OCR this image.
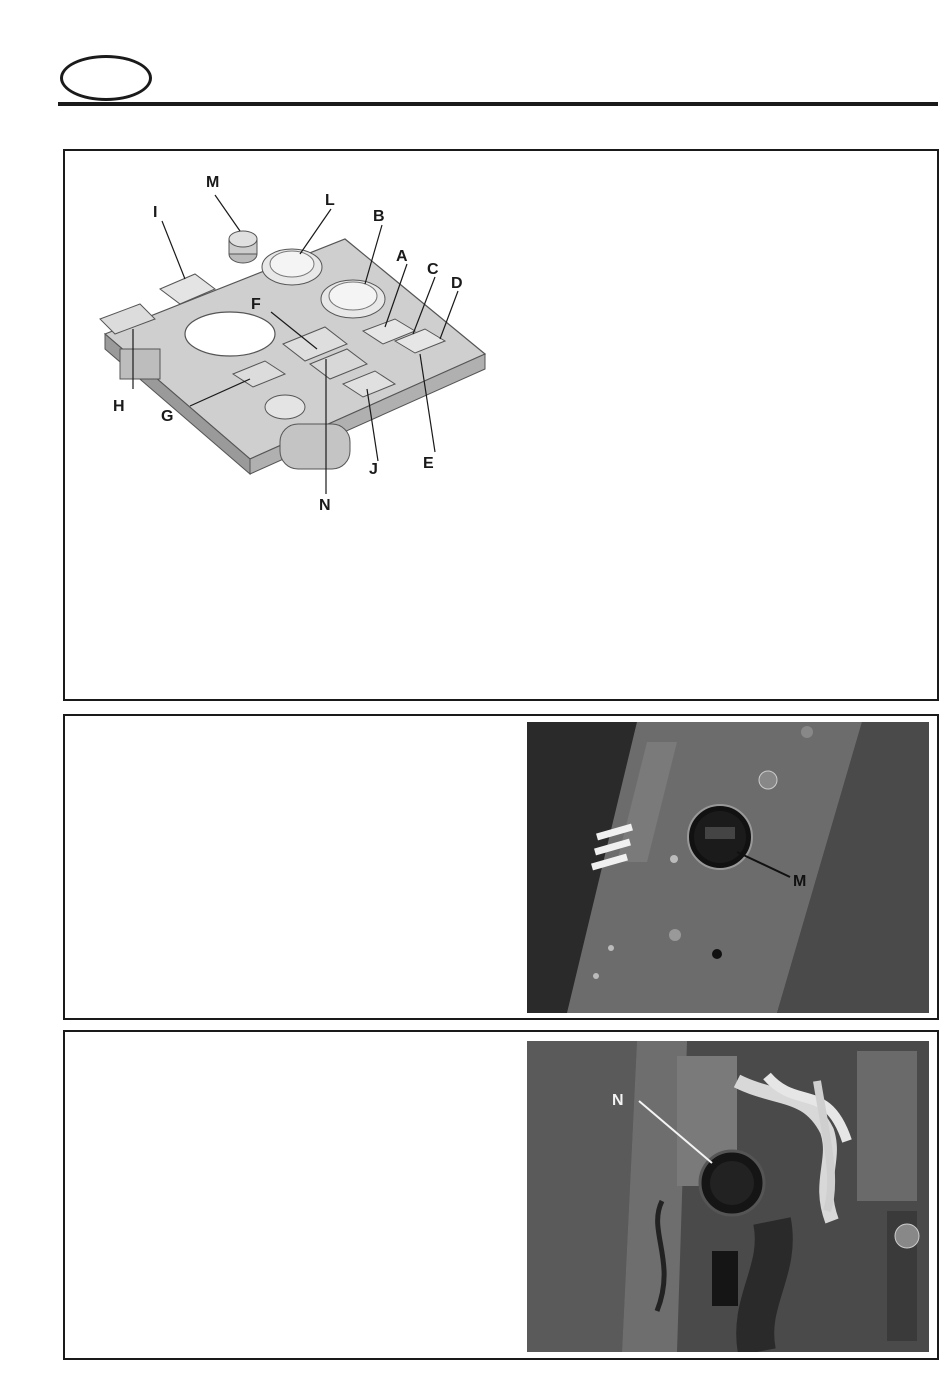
M
I
L
B
A
C
D
F
H
G
J	E
N
M
N
